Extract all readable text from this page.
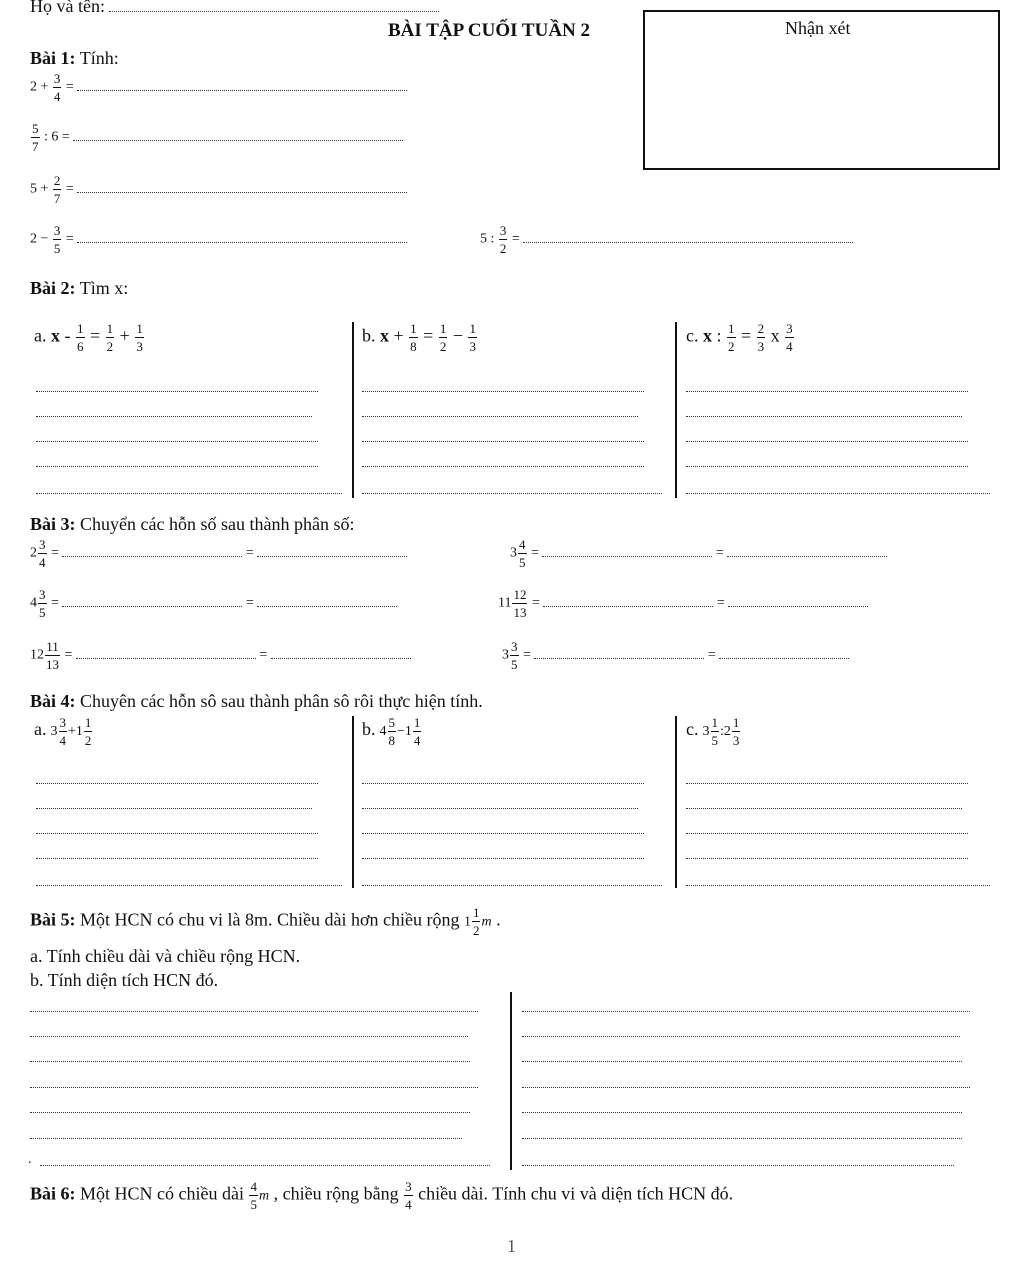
Họ và tên:
BÀI TẬP CUỐI TUẦN 2	Nhận xét
Bài 1: Tính:
$2 + \frac{3}{4}$ =
$\frac{5}{7}$ : 6 =
$5 + \frac{2}{7}$ =
$2 - \frac{3}{5}$ =	5 : $\frac{3}{2}$ =
Bài 2: Tìm x:
a. $x - \frac{1}{6} = \frac{1}{2} + \frac{1}{3}$	b. $x + \frac{1}{8} = \frac{1}{2} - \frac{1}{3}$	c. x : $\frac{1}{2} = \frac{2}{3}$ x $\frac{3}{4}$
Bài 3: Chuyển các hỗn số sau thành phân số:
$2 \frac{3}{4}$ =	=	$3 \frac{4}{5}$ =	=
$4 \frac{3}{5}$ =	=	$11 \frac{12}{13}$ =	=
$12 \frac{11}{13}$ =	=	$3 \frac{3}{5}$ =	=
Bài 4: Chuyên các hỗn sô sau thành phân sô rôi thực hiện tính.
a. $3 \frac{3}{4} +1 \frac{1}{2}$	b. $4 \frac{5}{8} -1 \frac{1}{4}$	c. $3 \frac{1}{5}$ :2 $\frac{1}{3}$
Bài 5: Một HCN có chu vi là 8m. Chiều dài hơn chiều rộng $1 \frac{1}{2}$ m .
a. Tính chiều dài và chiều rộng HCN.
b. Tính diện tích HCN đó.
.
Bài 6: Một HCN có chiều dài $\frac{4}{5}$ m , chiều rộng bằng $\frac{3}{4}$ chiều dài. Tính chu vi và diện tích HCN đó.
1
